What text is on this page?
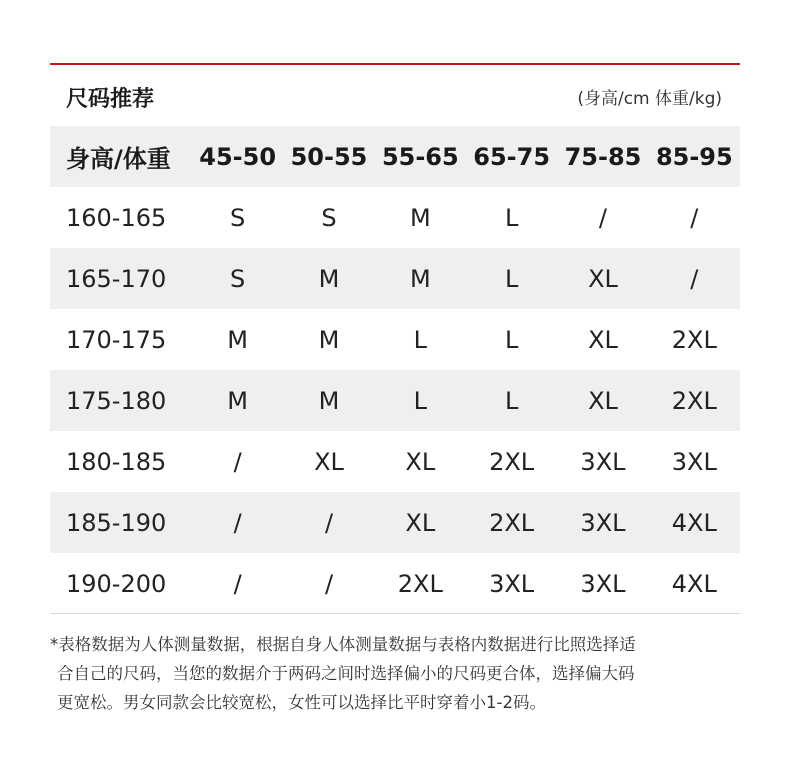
尺码推荐	(身高/cm 体重/kg)
身高/体重	45-50	50-55	55-65	65-75	75-85	85-95
160-165	S	S	M	L	/	/
165-170	S	M	M	L	XL	/
170-175	M	M	L	L	XL	2XL
175-180	M	M	L	L	XL	2XL
180-185	/	XL	XL	2XL	3XL	3XL
185-190	/	/	XL	2XL	3XL	4XL
190-200	/	/	2XL	3XL	3XL	4XL
*表格数据为人体测量数据，根据自身人体测量数据与表格内数据进行比照选择适
合自己的尺码，当您的数据介于两码之间时选择偏小的尺码更合体，选择偏大码
更宽松。男女同款会比较宽松，女性可以选择比平时穿着小1-2码。
